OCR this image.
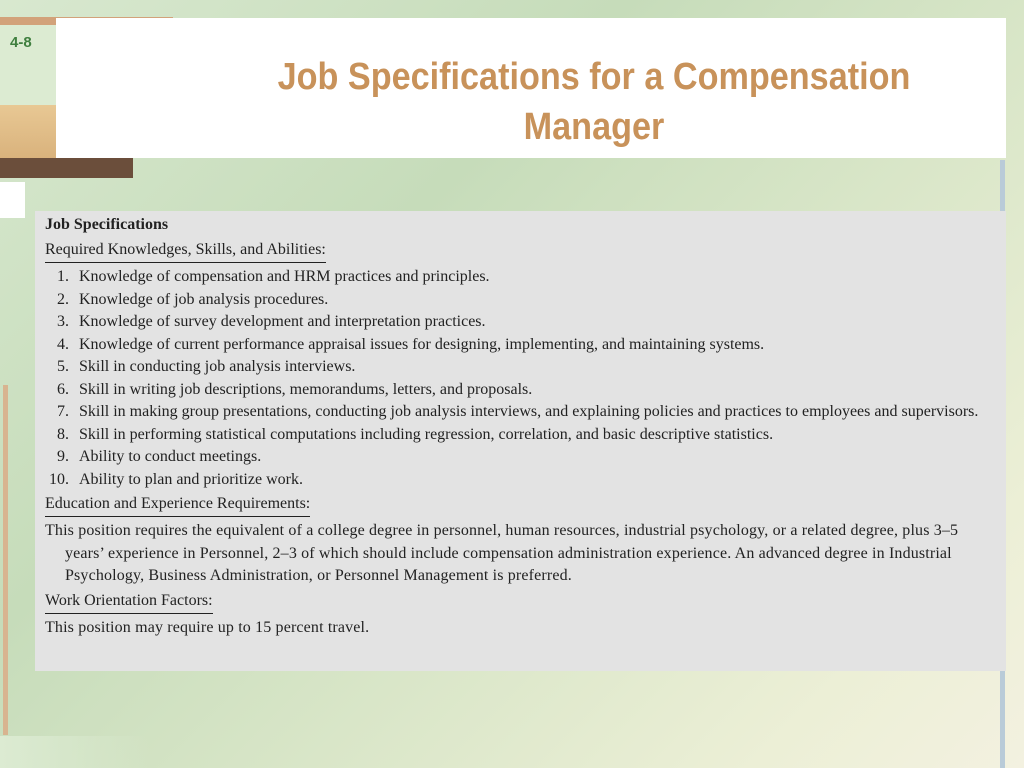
4-8

Job Specifications for a Compensation Manager

Job Specifications

Required Knowledges, Skills, and Abilities:
1. Knowledge of compensation and HRM practices and principles.
2. Knowledge of job analysis procedures.
3. Knowledge of survey development and interpretation practices.
4. Knowledge of current performance appraisal issues for designing, implementing, and maintaining systems.
5. Skill in conducting job analysis interviews.
6. Skill in writing job descriptions, memorandums, letters, and proposals.
7. Skill in making group presentations, conducting job analysis interviews, and explaining policies and practices to employees and supervisors.
8. Skill in performing statistical computations including regression, correlation, and basic descriptive statistics.
9. Ability to conduct meetings.
10. Ability to plan and prioritize work.
Education and Experience Requirements:

This position requires the equivalent of a college degree in personnel, human resources, industrial psychology, or a related degree, plus 3–5 years’ experience in Personnel, 2–3 of which should include compensation administration experience. An advanced degree in Industrial Psychology, Business Administration, or Personnel Management is preferred.

Work Orientation Factors:

This position may require up to 15 percent travel.
